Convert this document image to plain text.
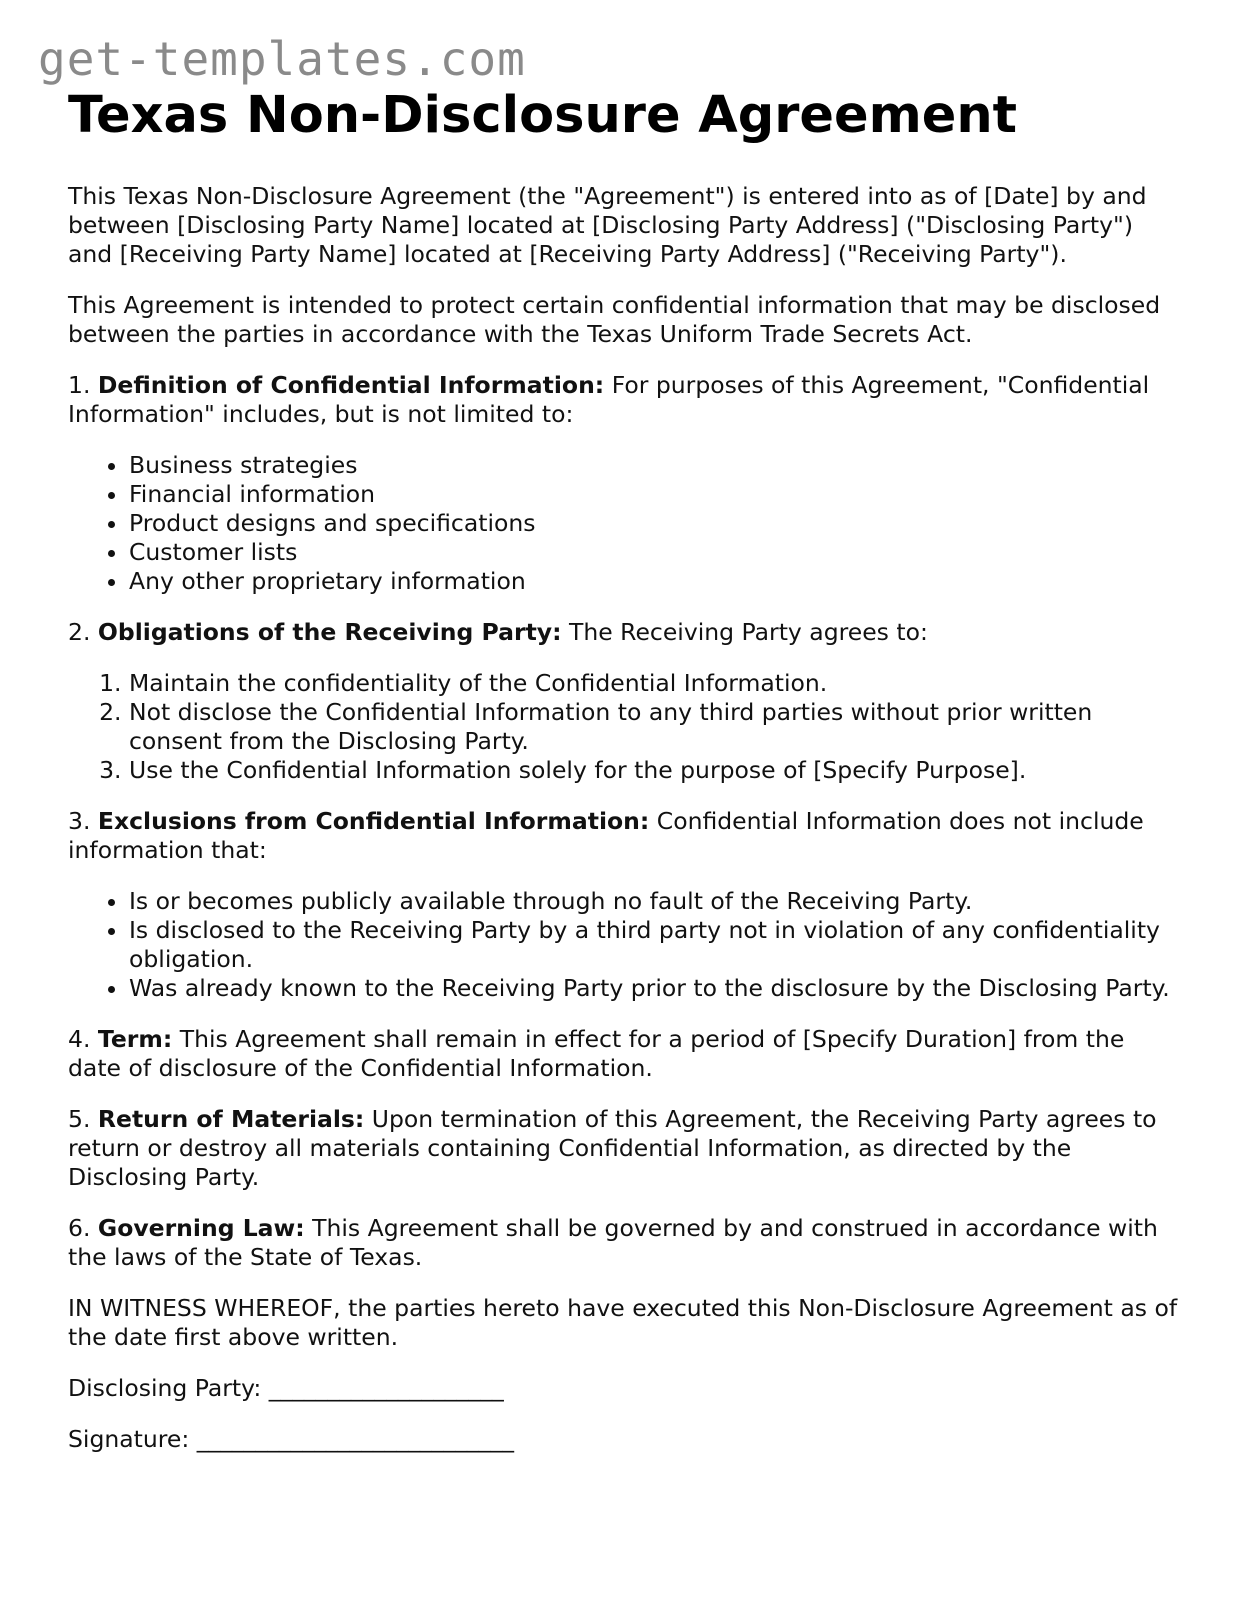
get-templates.com
Texas Non-Disclosure Agreement

This Texas Non-Disclosure Agreement (the "Agreement") is entered into as of [Date] by and between [Disclosing Party Name] located at [Disclosing Party Address] ("Disclosing Party") and [Receiving Party Name] located at [Receiving Party Address] ("Receiving Party").

This Agreement is intended to protect certain confidential information that may be disclosed between the parties in accordance with the Texas Uniform Trade Secrets Act.

1. Definition of Confidential Information: For purposes of this Agreement, "Confidential Information" includes, but is not limited to:

• Business strategies
• Financial information
• Product designs and specifications
• Customer lists
• Any other proprietary information

2. Obligations of the Receiving Party: The Receiving Party agrees to:

1. Maintain the confidentiality of the Confidential Information.
2. Not disclose the Confidential Information to any third parties without prior written consent from the Disclosing Party.
3. Use the Confidential Information solely for the purpose of [Specify Purpose].

3. Exclusions from Confidential Information: Confidential Information does not include information that:

• Is or becomes publicly available through no fault of the Receiving Party.
• Is disclosed to the Receiving Party by a third party not in violation of any confidentiality obligation.
• Was already known to the Receiving Party prior to the disclosure by the Disclosing Party.

4. Term: This Agreement shall remain in effect for a period of [Specify Duration] from the date of disclosure of the Confidential Information.

5. Return of Materials: Upon termination of this Agreement, the Receiving Party agrees to return or destroy all materials containing Confidential Information, as directed by the Disclosing Party.

6. Governing Law: This Agreement shall be governed by and construed in accordance with the laws of the State of Texas.

IN WITNESS WHEREOF, the parties hereto have executed this Non-Disclosure Agreement as of the date first above written.

Disclosing Party: ____________________

Signature: ___________________________
